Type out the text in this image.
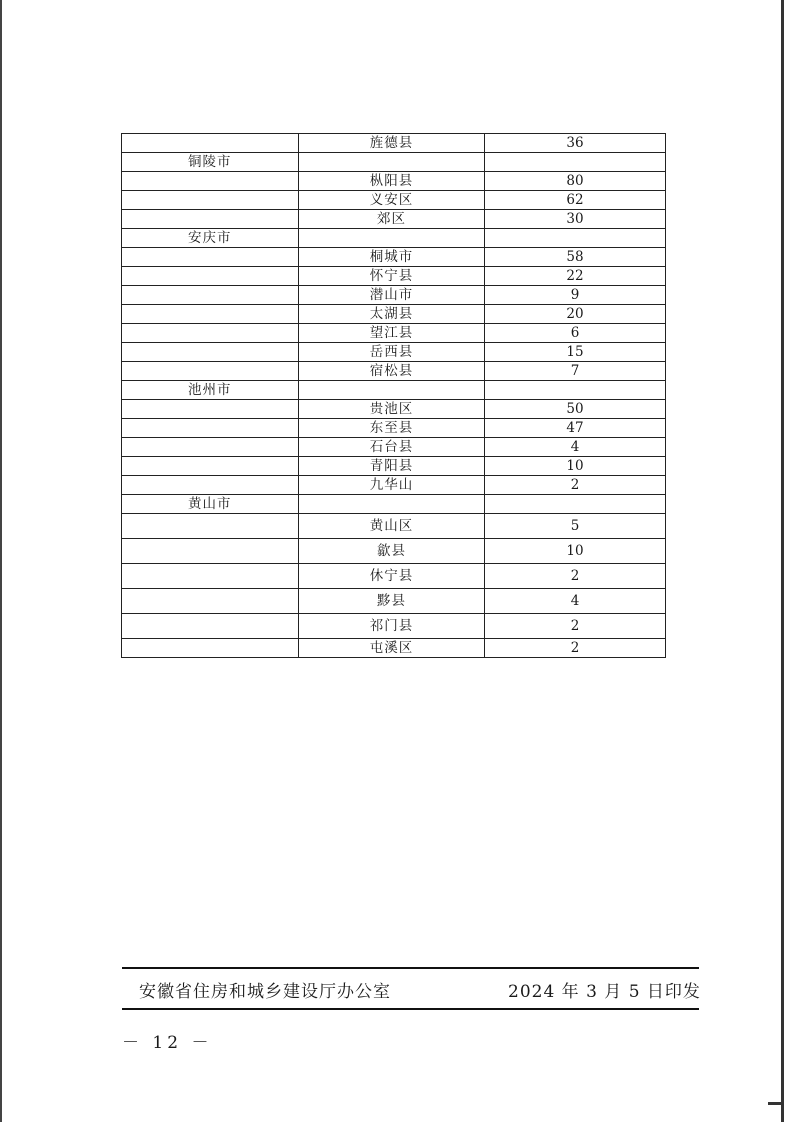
	旌德县	36
铜陵市		
	枞阳县	80
	义安区	62
	郊区	30
安庆市		
	桐城市	58
	怀宁县	22
	潜山市	9
	太湖县	20
	望江县	6
	岳西县	15
	宿松县	7
池州市		
	贵池区	50
	东至县	47
	石台县	4
	青阳县	10
	九华山	2
黄山市		
	黄山区	5
	歙县	10
	休宁县	2
	黟县	4
	祁门县	2
	屯溪区	2
安徽省住房和城乡建设厅办公室	2024 年 3 月 5 日印发
－ 12 －
